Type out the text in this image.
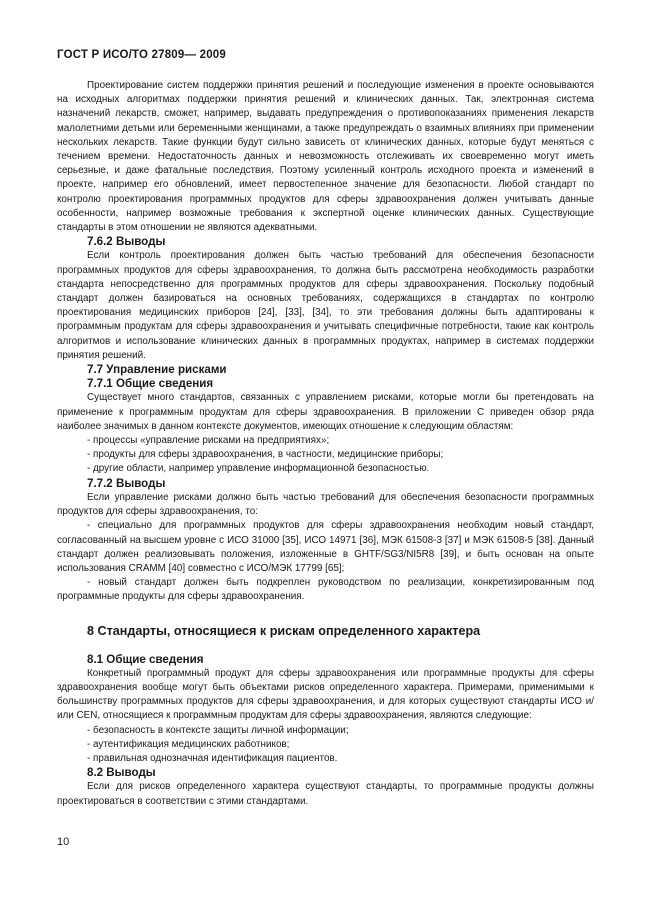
ГОСТ Р ИСО/ТО 27809— 2009

Проектирование систем поддержки принятия решений и последующие изменения в проекте основываются на исходных алгоритмах поддержки принятия решений и клинических данных. Так, электронная система назначений лекарств, сможет, например, выдавать предупреждения о противопоказаниях применения лекарств малолетними детьми или беременными женщинами, а также предупреждать о взаимных влияниях при применении нескольких лекарств. Такие функции будут сильно зависеть от клинических данных, которые будут меняться с течением времени. Недостаточность данных и невозможность отслеживать их своевременно могут иметь серьезные, и даже фатальные последствия. Поэтому усиленный контроль исходного проекта и изменений в проекте, например его обновлений, имеет первостепенное значение для безопасности. Любой стандарт по контролю проектирования программных продуктов для сферы здравоохранения должен учитывать данные особенности, например возможные требования к экспертной оценке клинических данных. Существующие стандарты в этом отношении не являются адекватными.

7.6.2 Выводы

Если контроль проектирования должен быть частью требований для обеспечения безопасности программных продуктов для сферы здравоохранения, то должна быть рассмотрена необходимость разработки стандарта непосредственно для программных продуктов для сферы здравоохранения. Поскольку подобный стандарт должен базироваться на основных требованиях, содержащихся в стандартах по контролю проектирования медицинских приборов [24], [33], [34], то эти требования должны быть адаптированы к программным продуктам для сферы здравоохранения и учитывать специфичные потребности, такие как контроль алгоритмов и использование клинических данных в программных продуктах, например в системах поддержки принятия решений.

7.7 Управление рисками
7.7.1 Общие сведения

Существует много стандартов, связанных с управлением рисками, которые могли бы претендовать на применение к программным продуктам для сферы здравоохранения. В приложении С приведен обзор ряда наиболее значимых в данном контексте документов, имеющих отношение к следующим областям:

- процессы «управление рисками на предприятиях»;

- продукты для сферы здравоохранения, в частности, медицинские приборы;

- другие области, например управление информационной безопасностью.

7.7.2 Выводы

Если управление рисками должно быть частью требований для обеспечения безопасности программных продуктов для сферы здравоохранения, то:

- специально для программных продуктов для сферы здравоохранения необходим новый стандарт, согласованный на высшем уровне с ИСО 31000 [35], ИСО 14971 [36], МЭК 61508-3 [37] и МЭК 61508-5 [38]. Данный стандарт должен реализовывать положения, изложенные в GHTF/SG3/NI5R8 [39], и быть основан на опыте использования CRAMM [40] совместно с ИСО/МЭК 17799 [65];

- новый стандарт должен быть подкреплен руководством по реализации, конкретизированным под программные продукты для сферы здравоохранения.

8 Стандарты, относящиеся к рискам определенного характера
8.1 Общие сведения

Конкретный программный продукт для сферы здравоохранения или программные продукты для сферы здравоохранения вообще могут быть объектами рисков определенного характера. Примерами, применимыми к большинству программных продуктов для сферы здравоохранения, и для которых существуют стандарты ИСО и/или CEN, относящиеся к программным продуктам для сферы здравоохранения, являются следующие:

- безопасность в контексте защиты личной информации;

- аутентификация медицинских работников;

- правильная однозначная идентификация пациентов.

8.2 Выводы

Если для рисков определенного характера существуют стандарты, то программные продукты должны проектироваться в соответствии с этими стандартами.

10
